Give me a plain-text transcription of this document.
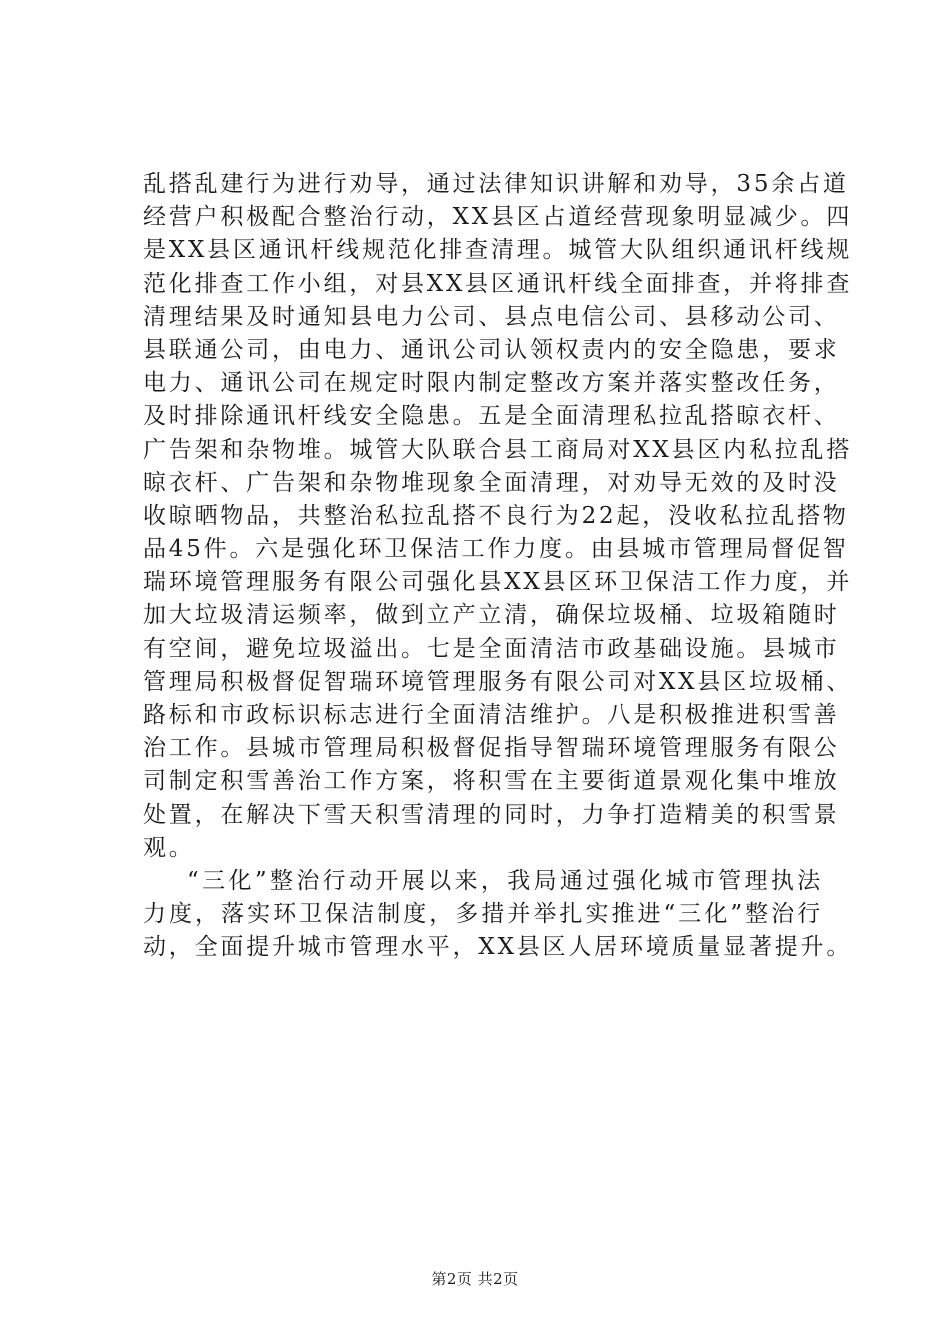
乱搭乱建行为进行劝导，通过法律知识讲解和劝导，35余占道
经营户积极配合整治行动，XX县区占道经营现象明显减少。四
是XX县区通讯杆线规范化排查清理。城管大队组织通讯杆线规
范化排查工作小组，对县XX县区通讯杆线全面排查，并将排查
清理结果及时通知县电力公司、县点电信公司、县移动公司、
县联通公司，由电力、通讯公司认领权责内的安全隐患，要求
电力、通讯公司在规定时限内制定整改方案并落实整改任务，
及时排除通讯杆线安全隐患。五是全面清理私拉乱搭晾衣杆、
广告架和杂物堆。城管大队联合县工商局对XX县区内私拉乱搭
晾衣杆、广告架和杂物堆现象全面清理，对劝导无效的及时没
收晾晒物品，共整治私拉乱搭不良行为22起，没收私拉乱搭物
品45件。六是强化环卫保洁工作力度。由县城市管理局督促智
瑞环境管理服务有限公司强化县XX县区环卫保洁工作力度，并
加大垃圾清运频率，做到立产立清，确保垃圾桶、垃圾箱随时
有空间，避免垃圾溢出。七是全面清洁市政基础设施。县城市
管理局积极督促智瑞环境管理服务有限公司对XX县区垃圾桶、
路标和市政标识标志进行全面清洁维护。八是积极推进积雪善
治工作。县城市管理局积极督促指导智瑞环境管理服务有限公
司制定积雪善治工作方案，将积雪在主要街道景观化集中堆放
处置，在解决下雪天积雪清理的同时，力争打造精美的积雪景
观。
“三化”整治行动开展以来，我局通过强化城市管理执法
力度，落实环卫保洁制度，多措并举扎实推进“三化”整治行
动，全面提升城市管理水平，XX县区人居环境质量显著提升。
第2页 共2页
